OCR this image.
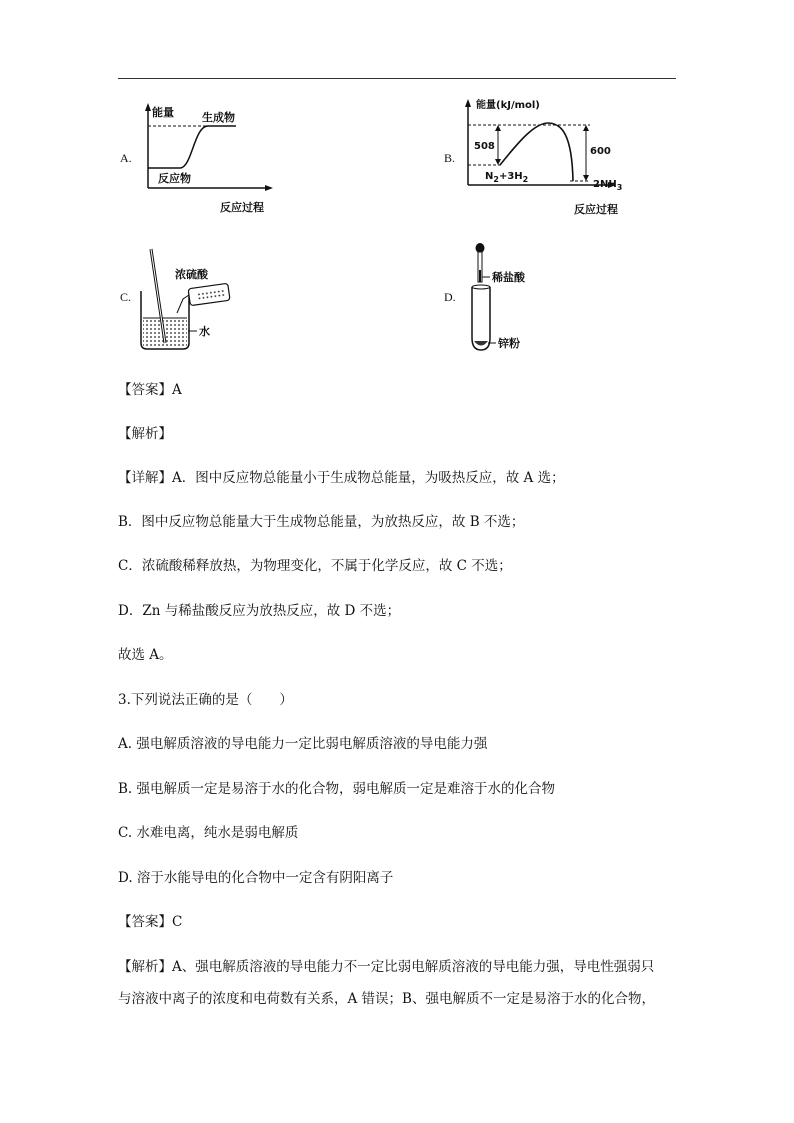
A.
能量	生成物
反应物
反应过程
B.
能量(kJ/mol)
508	600
$N_2+3H_2$	$2NH_3$
反应过程
C.
浓硫酸
水
D.
稀盐酸
锌粉
【答案】A
【解析】
【详解】A．图中反应物总能量小于生成物总能量，为吸热反应，故 A 选；
B．图中反应物总能量大于生成物总能量，为放热反应，故 B 不选；
C．浓硫酸稀释放热，为物理变化，不属于化学反应，故 C 不选；
D．Zn 与稀盐酸反应为放热反应，故 D 不选；
故选 A。
3.下列说法正确的是（　　）
A. 强电解质溶液的导电能力一定比弱电解质溶液的导电能力强
B. 强电解质一定是易溶于水的化合物，弱电解质一定是难溶于水的化合物
C. 水难电离，纯水是弱电解质
D. 溶于水能导电的化合物中一定含有阴阳离子
【答案】C
【解析】A、强电解质溶液的导电能力不一定比弱电解质溶液的导电能力强，导电性强弱只
与溶液中离子的浓度和电荷数有关系，A 错误；B、强电解质不一定是易溶于水的化合物，
